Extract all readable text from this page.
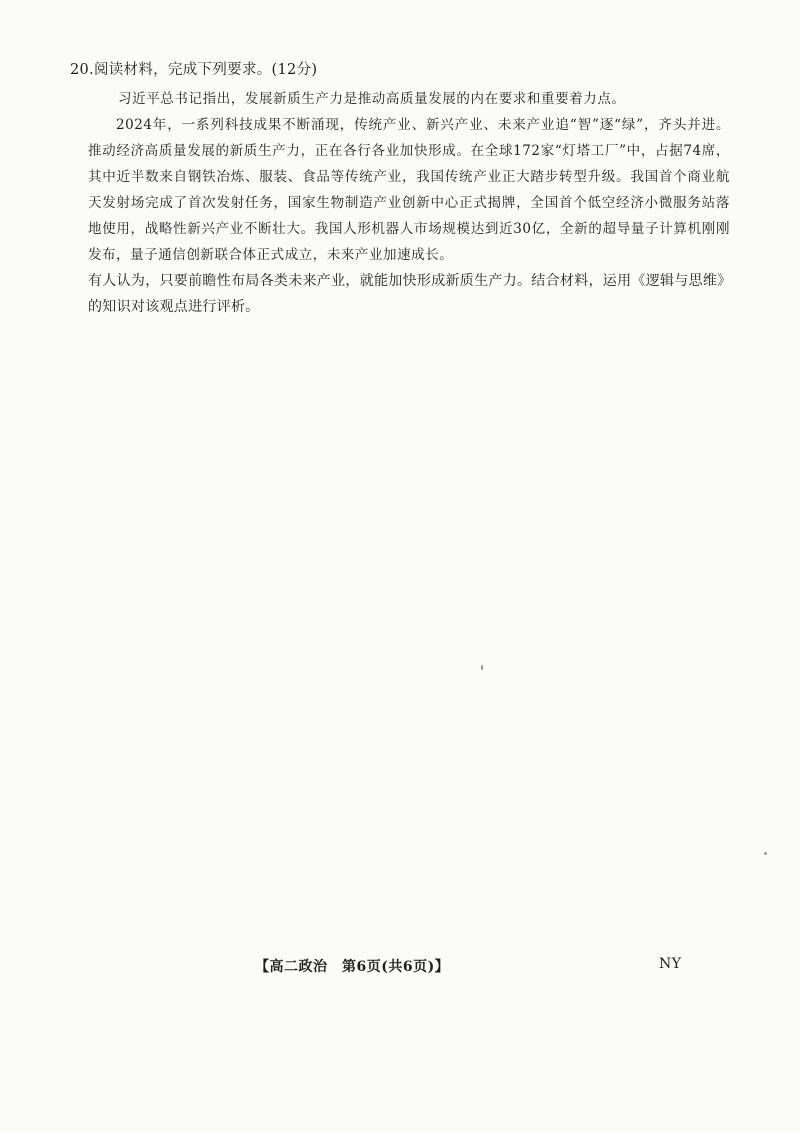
20.阅读材料，完成下列要求。(12分)

习近平总书记指出，发展新质生产力是推动高质量发展的内在要求和重要着力点。

2024年，一系列科技成果不断涌现，传统产业、新兴产业、未来产业追“智”逐“绿”，齐头并进。推动经济高质量发展的新质生产力，正在各行各业加快形成。在全球172家“灯塔工厂”中，占据74席，其中近半数来自钢铁冶炼、服装、食品等传统产业，我国传统产业正大踏步转型升级。我国首个商业航天发射场完成了首次发射任务，国家生物制造产业创新中心正式揭牌，全国首个低空经济小微服务站落地使用，战略性新兴产业不断壮大。我国人形机器人市场规模达到近30亿，全新的超导量子计算机刚刚发布，量子通信创新联合体正式成立，未来产业加速成长。

有人认为，只要前瞻性布局各类未来产业，就能加快形成新质生产力。结合材料，运用《逻辑与思维》的知识对该观点进行评析。

【高二政治　第6页(共6页)】	NY
